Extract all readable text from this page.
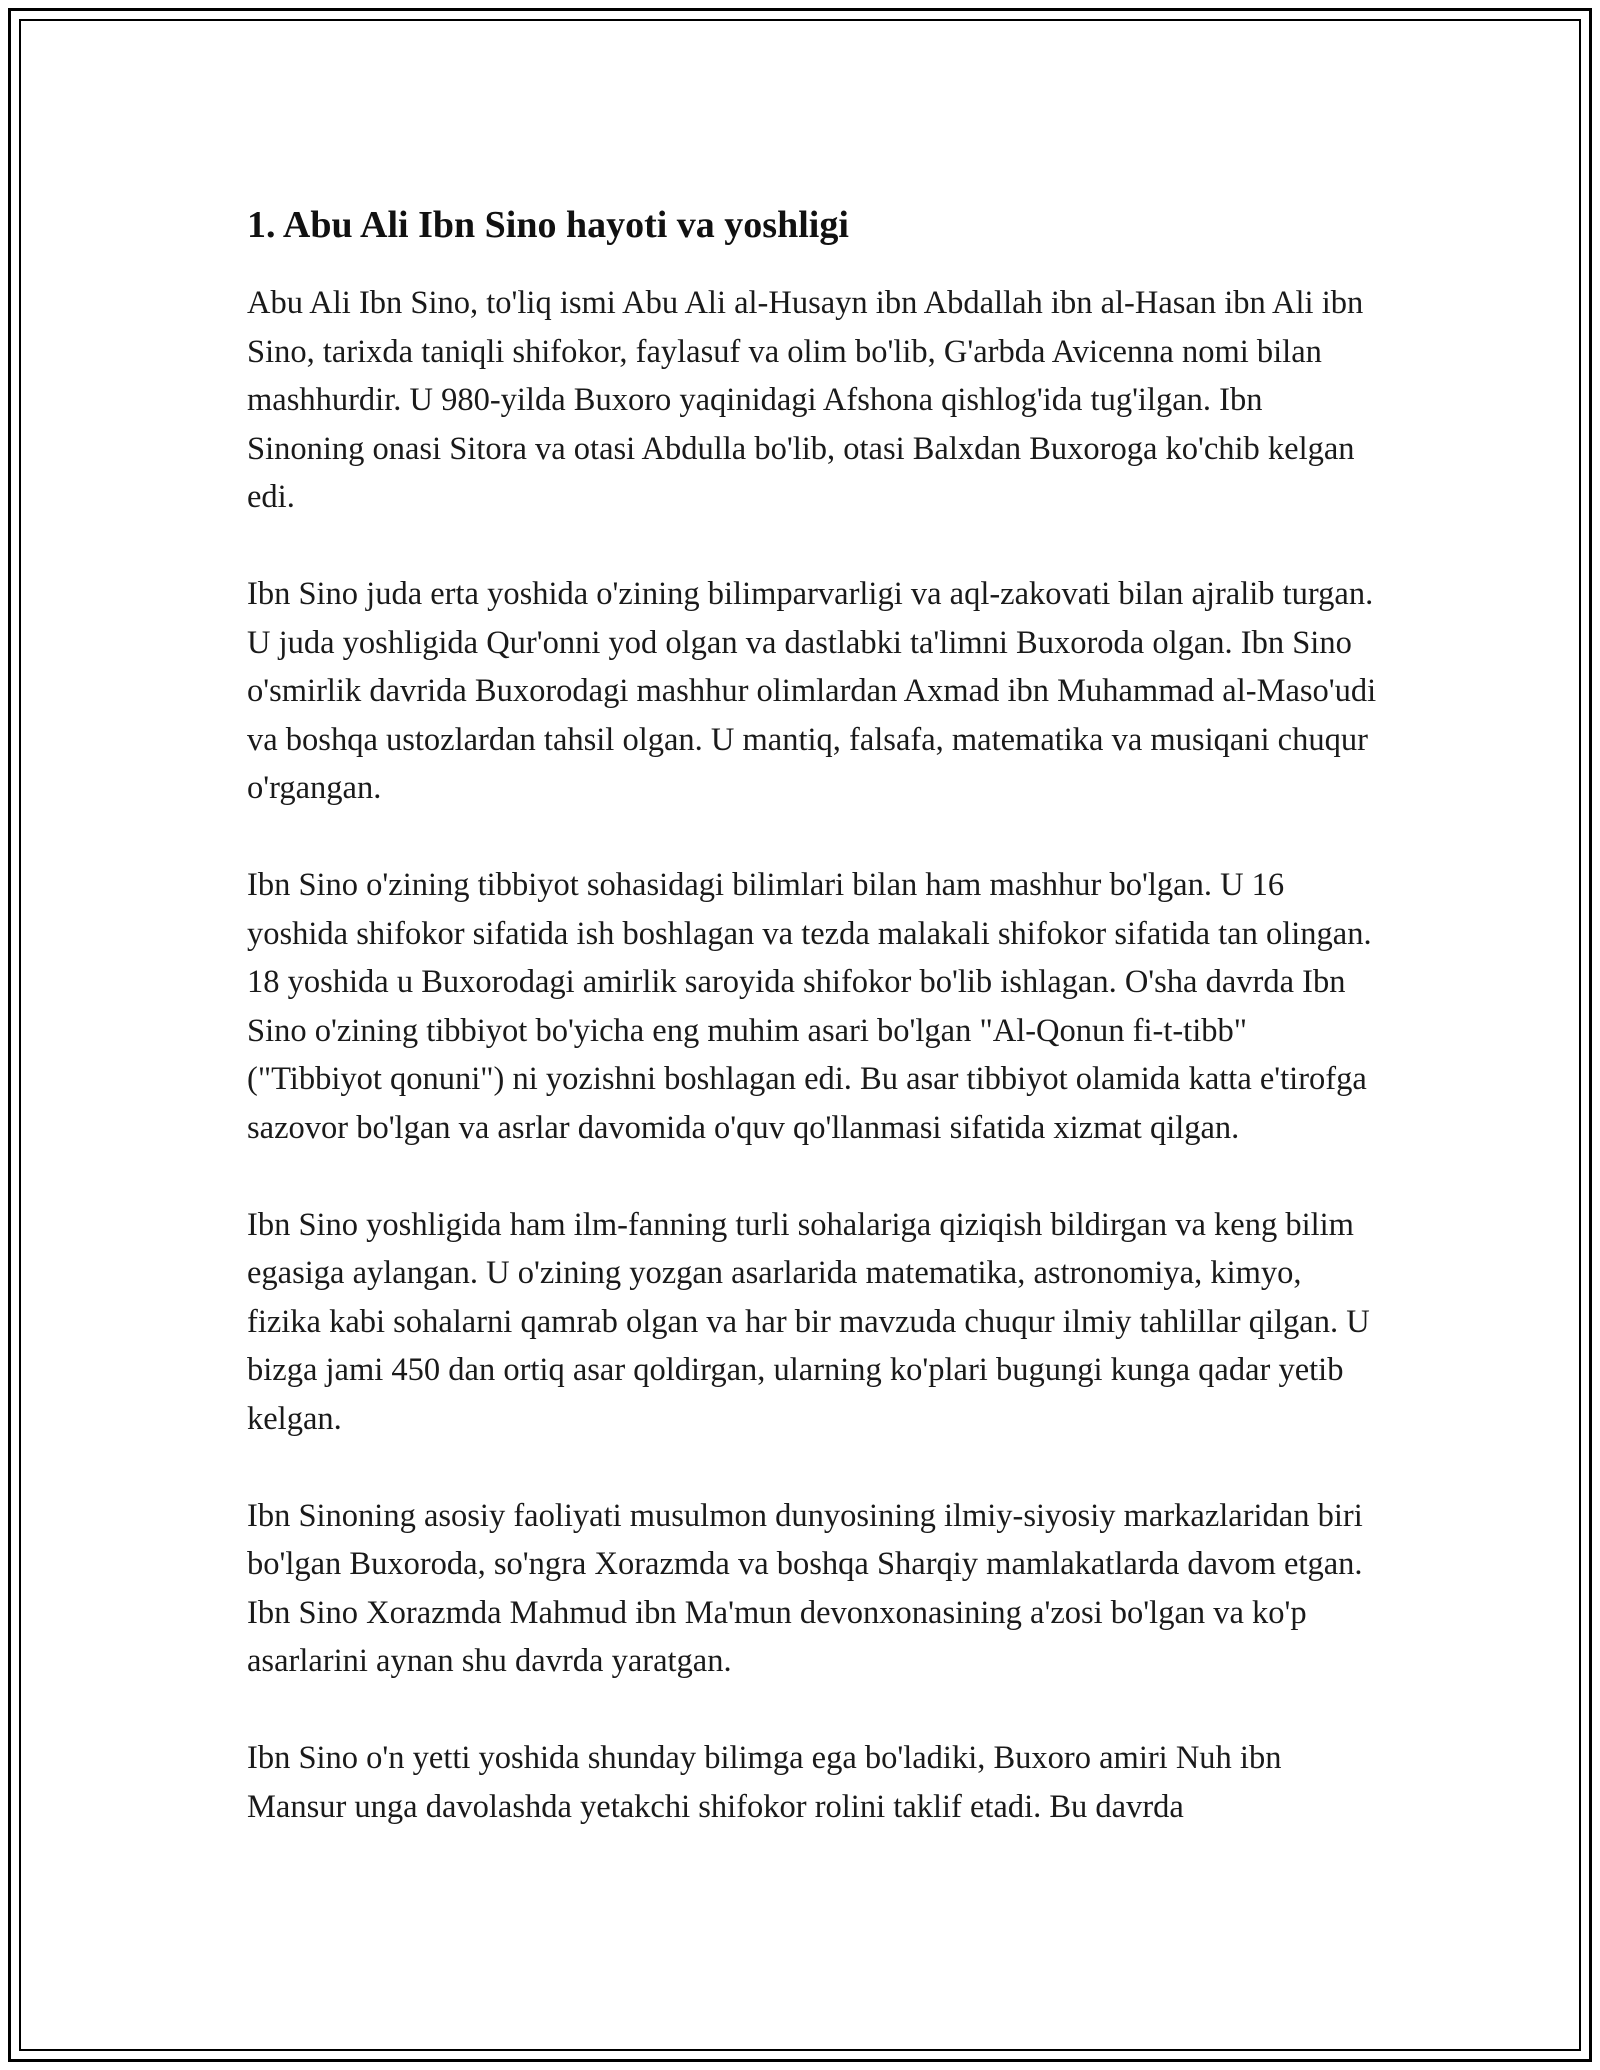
1. Abu Ali Ibn Sino hayoti va yoshligi

Abu Ali Ibn Sino, to'liq ismi Abu Ali al-Husayn ibn Abdallah ibn al-Hasan ibn Ali ibn Sino, tarixda taniqli shifokor, faylasuf va olim bo'lib, G'arbda Avicenna nomi bilan mashhurdir. U 980-yilda Buxoro yaqinidagi Afshona qishlog'ida tug'ilgan. Ibn Sinoning onasi Sitora va otasi Abdulla bo'lib, otasi Balxdan Buxoroga ko'chib kelgan edi.

Ibn Sino juda erta yoshida o'zining bilimparvarligi va aql-zakovati bilan ajralib turgan. U juda yoshligida Qur'onni yod olgan va dastlabki ta'limni Buxoroda olgan. Ibn Sino o'smirlik davrida Buxorodagi mashhur olimlardan Axmad ibn Muhammad al-Maso'udi va boshqa ustozlardan tahsil olgan. U mantiq, falsafa, matematika va musiqani chuqur o'rgangan.

Ibn Sino o'zining tibbiyot sohasidagi bilimlari bilan ham mashhur bo'lgan. U 16 yoshida shifokor sifatida ish boshlagan va tezda malakali shifokor sifatida tan olingan. 18 yoshida u Buxorodagi amirlik saroyida shifokor bo'lib ishlagan. O'sha davrda Ibn Sino o'zining tibbiyot bo'yicha eng muhim asari bo'lgan "Al-Qonun fi-t-tibb" ("Tibbiyot qonuni") ni yozishni boshlagan edi. Bu asar tibbiyot olamida katta e'tirofga sazovor bo'lgan va asrlar davomida o'quv qo'llanmasi sifatida xizmat qilgan.

Ibn Sino yoshligida ham ilm-fanning turli sohalariga qiziqish bildirgan va keng bilim egasiga aylangan. U o'zining yozgan asarlarida matematika, astronomiya, kimyo, fizika kabi sohalarni qamrab olgan va har bir mavzuda chuqur ilmiy tahlillar qilgan. U bizga jami 450 dan ortiq asar qoldirgan, ularning ko'plari bugungi kunga qadar yetib kelgan.

Ibn Sinoning asosiy faoliyati musulmon dunyosining ilmiy-siyosiy markazlaridan biri bo'lgan Buxoroda, so'ngra Xorazmda va boshqa Sharqiy mamlakatlarda davom etgan. Ibn Sino Xorazmda Mahmud ibn Ma'mun devonxonasining a'zosi bo'lgan va ko'p asarlarini aynan shu davrda yaratgan.

Ibn Sino o'n yetti yoshida shunday bilimga ega bo'ladiki, Buxoro amiri Nuh ibn Mansur unga davolashda yetakchi shifokor rolini taklif etadi. Bu davrda
